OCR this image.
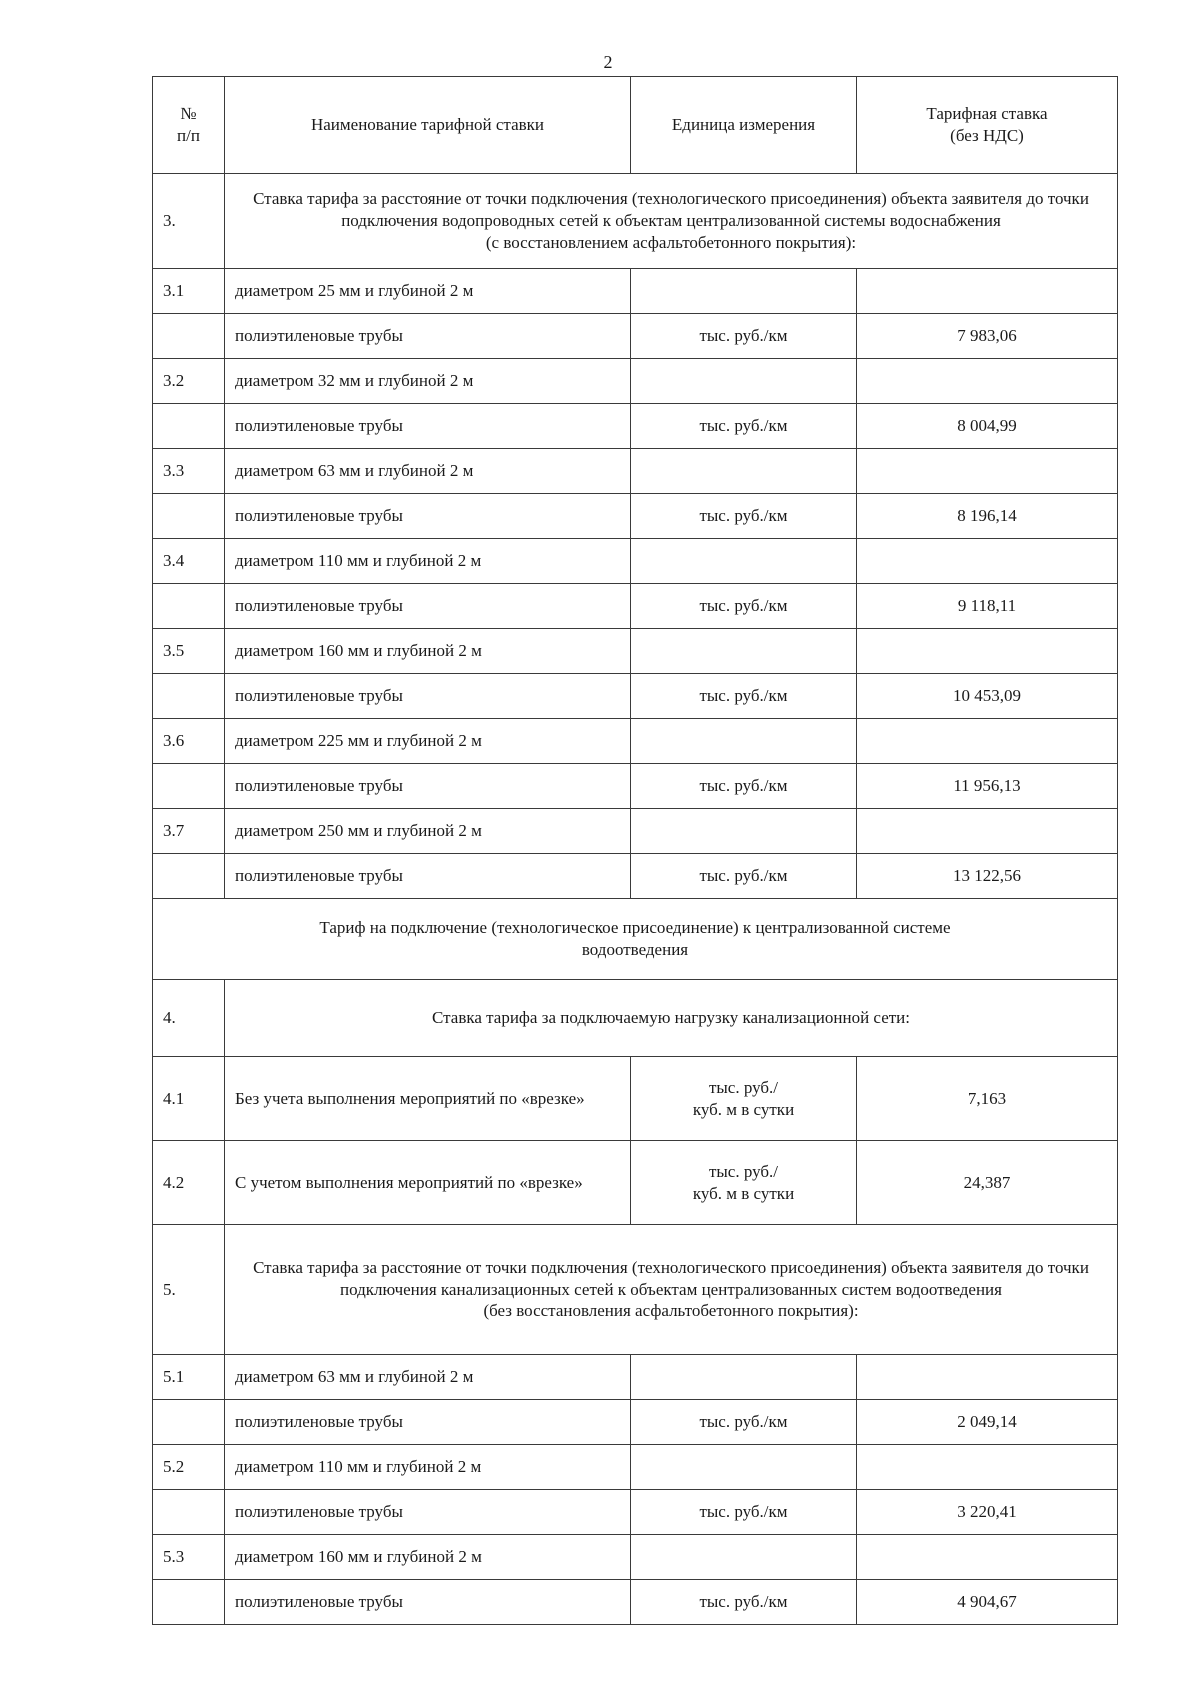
2
№
п/п	Наименование тарифной ставки	Единица измерения	Тарифная ставка
(без НДС)
3.	Ставка тарифа за расстояние от точки подключения (технологического присоединения) объекта заявителя до точки подключения водопроводных сетей к объектам централизованной системы водоснабжения
(с восстановлением асфальтобетонного покрытия):		
3.1	диаметром 25 мм и глубиной 2 м		
	полиэтиленовые трубы	тыс. руб./км	7 983,06
3.2	диаметром 32 мм и глубиной 2 м		
	полиэтиленовые трубы	тыс. руб./км	8 004,99
3.3	диаметром 63 мм и глубиной 2 м		
	полиэтиленовые трубы	тыс. руб./км	8 196,14
3.4	диаметром 110 мм и глубиной 2 м		
	полиэтиленовые трубы	тыс. руб./км	9 118,11
3.5	диаметром 160 мм и глубиной 2 м		
	полиэтиленовые трубы	тыс. руб./км	10 453,09
3.6	диаметром 225 мм и глубиной 2 м		
	полиэтиленовые трубы	тыс. руб./км	11 956,13
3.7	диаметром 250 мм и глубиной 2 м		
	полиэтиленовые трубы	тыс. руб./км	13 122,56
Тариф на подключение (технологическое присоединение) к централизованной системе
водоотведения			
4.	Ставка тарифа за подключаемую нагрузку канализационной сети:		
4.1	Без учета выполнения мероприятий по «врезке»	тыс. руб./
куб. м в сутки	7,163
4.2	С учетом выполнения мероприятий по «врезке»	тыс. руб./
куб. м в сутки	24,387
5.	Ставка тарифа за расстояние от точки подключения (технологического присоединения) объекта заявителя до точки подключения канализационных сетей к объектам централизованных систем водоотведения
(без восстановления асфальтобетонного покрытия):		
5.1	диаметром 63 мм и глубиной 2 м		
	полиэтиленовые трубы	тыс. руб./км	2 049,14
5.2	диаметром 110 мм и глубиной 2 м		
	полиэтиленовые трубы	тыс. руб./км	3 220,41
5.3	диаметром 160 мм и глубиной 2 м		
	полиэтиленовые трубы	тыс. руб./км	4 904,67
